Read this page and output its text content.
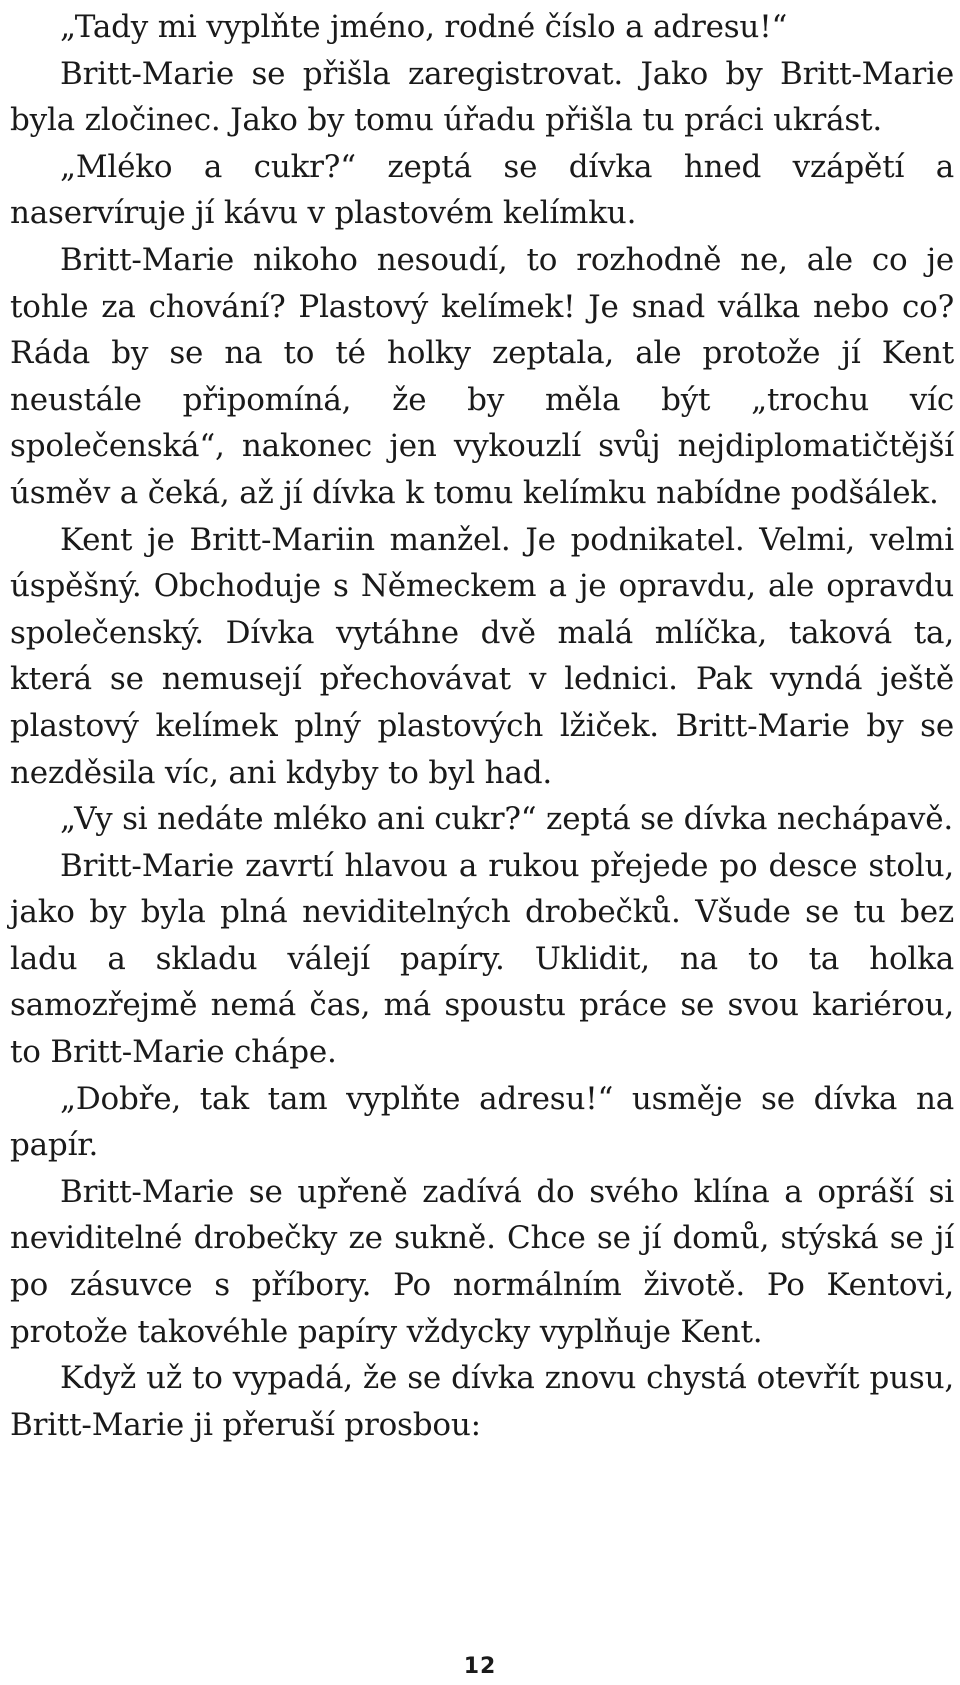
„Tady mi vyplňte jméno, rodné číslo a adresu!“

Britt-Marie se přišla zaregistrovat. Jako by Britt-Marie byla zločinec. Jako by tomu úřadu přišla tu práci ukrást.

„Mléko a cukr?“ zeptá se dívka hned vzápětí a naservíruje jí kávu v plastovém kelímku.

Britt-Marie nikoho nesoudí, to rozhodně ne, ale co je tohle za chování? Plastový kelímek! Je snad válka nebo co? Ráda by se na to té holky zeptala, ale protože jí Kent neustále připomíná, že by měla být „trochu víc společenská“, nakonec jen vykouzlí svůj nejdiplomatičtější úsměv a čeká, až jí dívka k tomu kelímku nabídne podšálek.

Kent je Britt-Mariin manžel. Je podnikatel. Velmi, velmi úspěšný. Obchoduje s Německem a je opravdu, ale opravdu společenský. Dívka vytáhne dvě malá mlíčka, taková ta, která se nemusejí přechovávat v lednici. Pak vyndá ještě plastový kelímek plný plastových lžiček. Britt-Marie by se nezděsila víc, ani kdyby to byl had.

„Vy si nedáte mléko ani cukr?“ zeptá se dívka nechápavě.

Britt-Marie zavrtí hlavou a rukou přejede po desce stolu, jako by byla plná neviditelných drobečků. Všude se tu bez ladu a skladu válejí papíry. Uklidit, na to ta holka samozřejmě nemá čas, má spoustu práce se svou kariérou, to Britt-Marie chápe.

„Dobře, tak tam vyplňte adresu!“ usměje se dívka na papír.

Britt-Marie se upřeně zadívá do svého klína a opráší si neviditelné drobečky ze sukně. Chce se jí domů, stýská se jí po zásuvce s příbory. Po normálním životě. Po Kentovi, protože takovéhle papíry vždycky vyplňuje Kent.

Když už to vypadá, že se dívka znovu chystá otevřít pusu, Britt-Marie ji přeruší prosbou:

12
